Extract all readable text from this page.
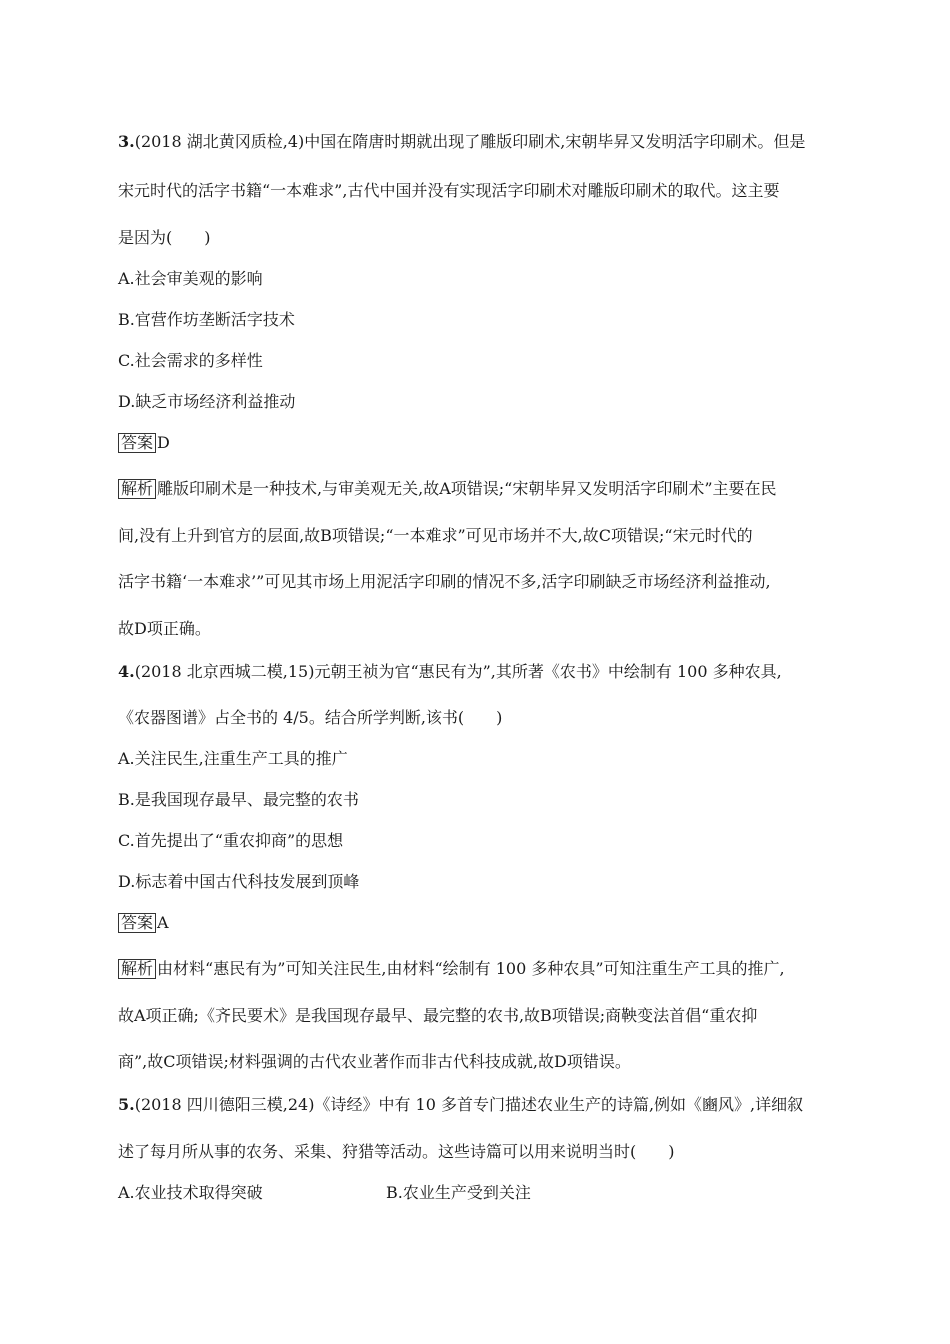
3.(2018 湖北黄冈质检,4)中国在隋唐时期就出现了雕版印刷术,宋朝毕昇又发明活字印刷术。但是
宋元时代的活字书籍“一本难求”,古代中国并没有实现活字印刷术对雕版印刷术的取代。这主要
是因为(　　)
A.社会审美观的影响
B.官营作坊垄断活字技术
C.社会需求的多样性
D.缺乏市场经济利益推动
答案 D
解析 雕版印刷术是一种技术,与审美观无关,故A项错误;“宋朝毕昇又发明活字印刷术”主要在民
间,没有上升到官方的层面,故B项错误;“一本难求”可见市场并不大,故C项错误;“宋元时代的
活字书籍‘一本难求’”可见其市场上用泥活字印刷的情况不多,活字印刷缺乏市场经济利益推动,
故D项正确。
4.(2018 北京西城二模,15)元朝王祯为官“惠民有为”,其所著《农书》中绘制有 100 多种农具,
《农器图谱》占全书的 4/5。结合所学判断,该书(　　)
A.关注民生,注重生产工具的推广
B.是我国现存最早、最完整的农书
C.首先提出了“重农抑商”的思想
D.标志着中国古代科技发展到顶峰
答案 A
解析 由材料“惠民有为”可知关注民生,由材料“绘制有 100 多种农具”可知注重生产工具的推广,
故A项正确;《齐民要术》是我国现存最早、最完整的农书,故B项错误;商鞅变法首倡“重农抑
商”,故C项错误;材料强调的古代农业著作而非古代科技成就,故D项错误。
5.(2018 四川德阳三模,24)《诗经》中有 10 多首专门描述农业生产的诗篇,例如《豳风》,详细叙
述了每月所从事的农务、采集、狩猎等活动。这些诗篇可以用来说明当时(　　)
A.农业技术取得突破	B.农业生产受到关注
